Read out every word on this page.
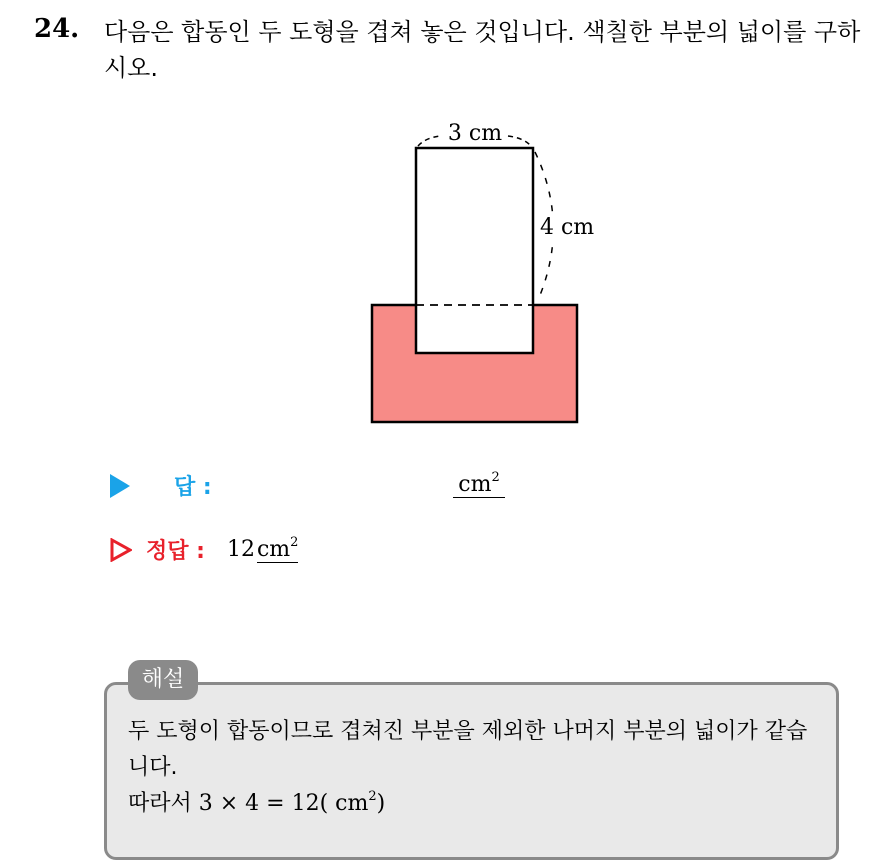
24. 다음은 합동인 두 도형을 겹쳐 놓은 것입니다. 색칠한 부분의 넓이를 구하시오.
3 cm
4 cm
답 :	$cm^2$
정답 : $12cm^2$
해설
두 도형이 합동이므로 겹쳐진 부분을 제외한 나머지 부분의 넓이가 같습니다.
따라서 3 × 4 = 12( $cm^2$)
